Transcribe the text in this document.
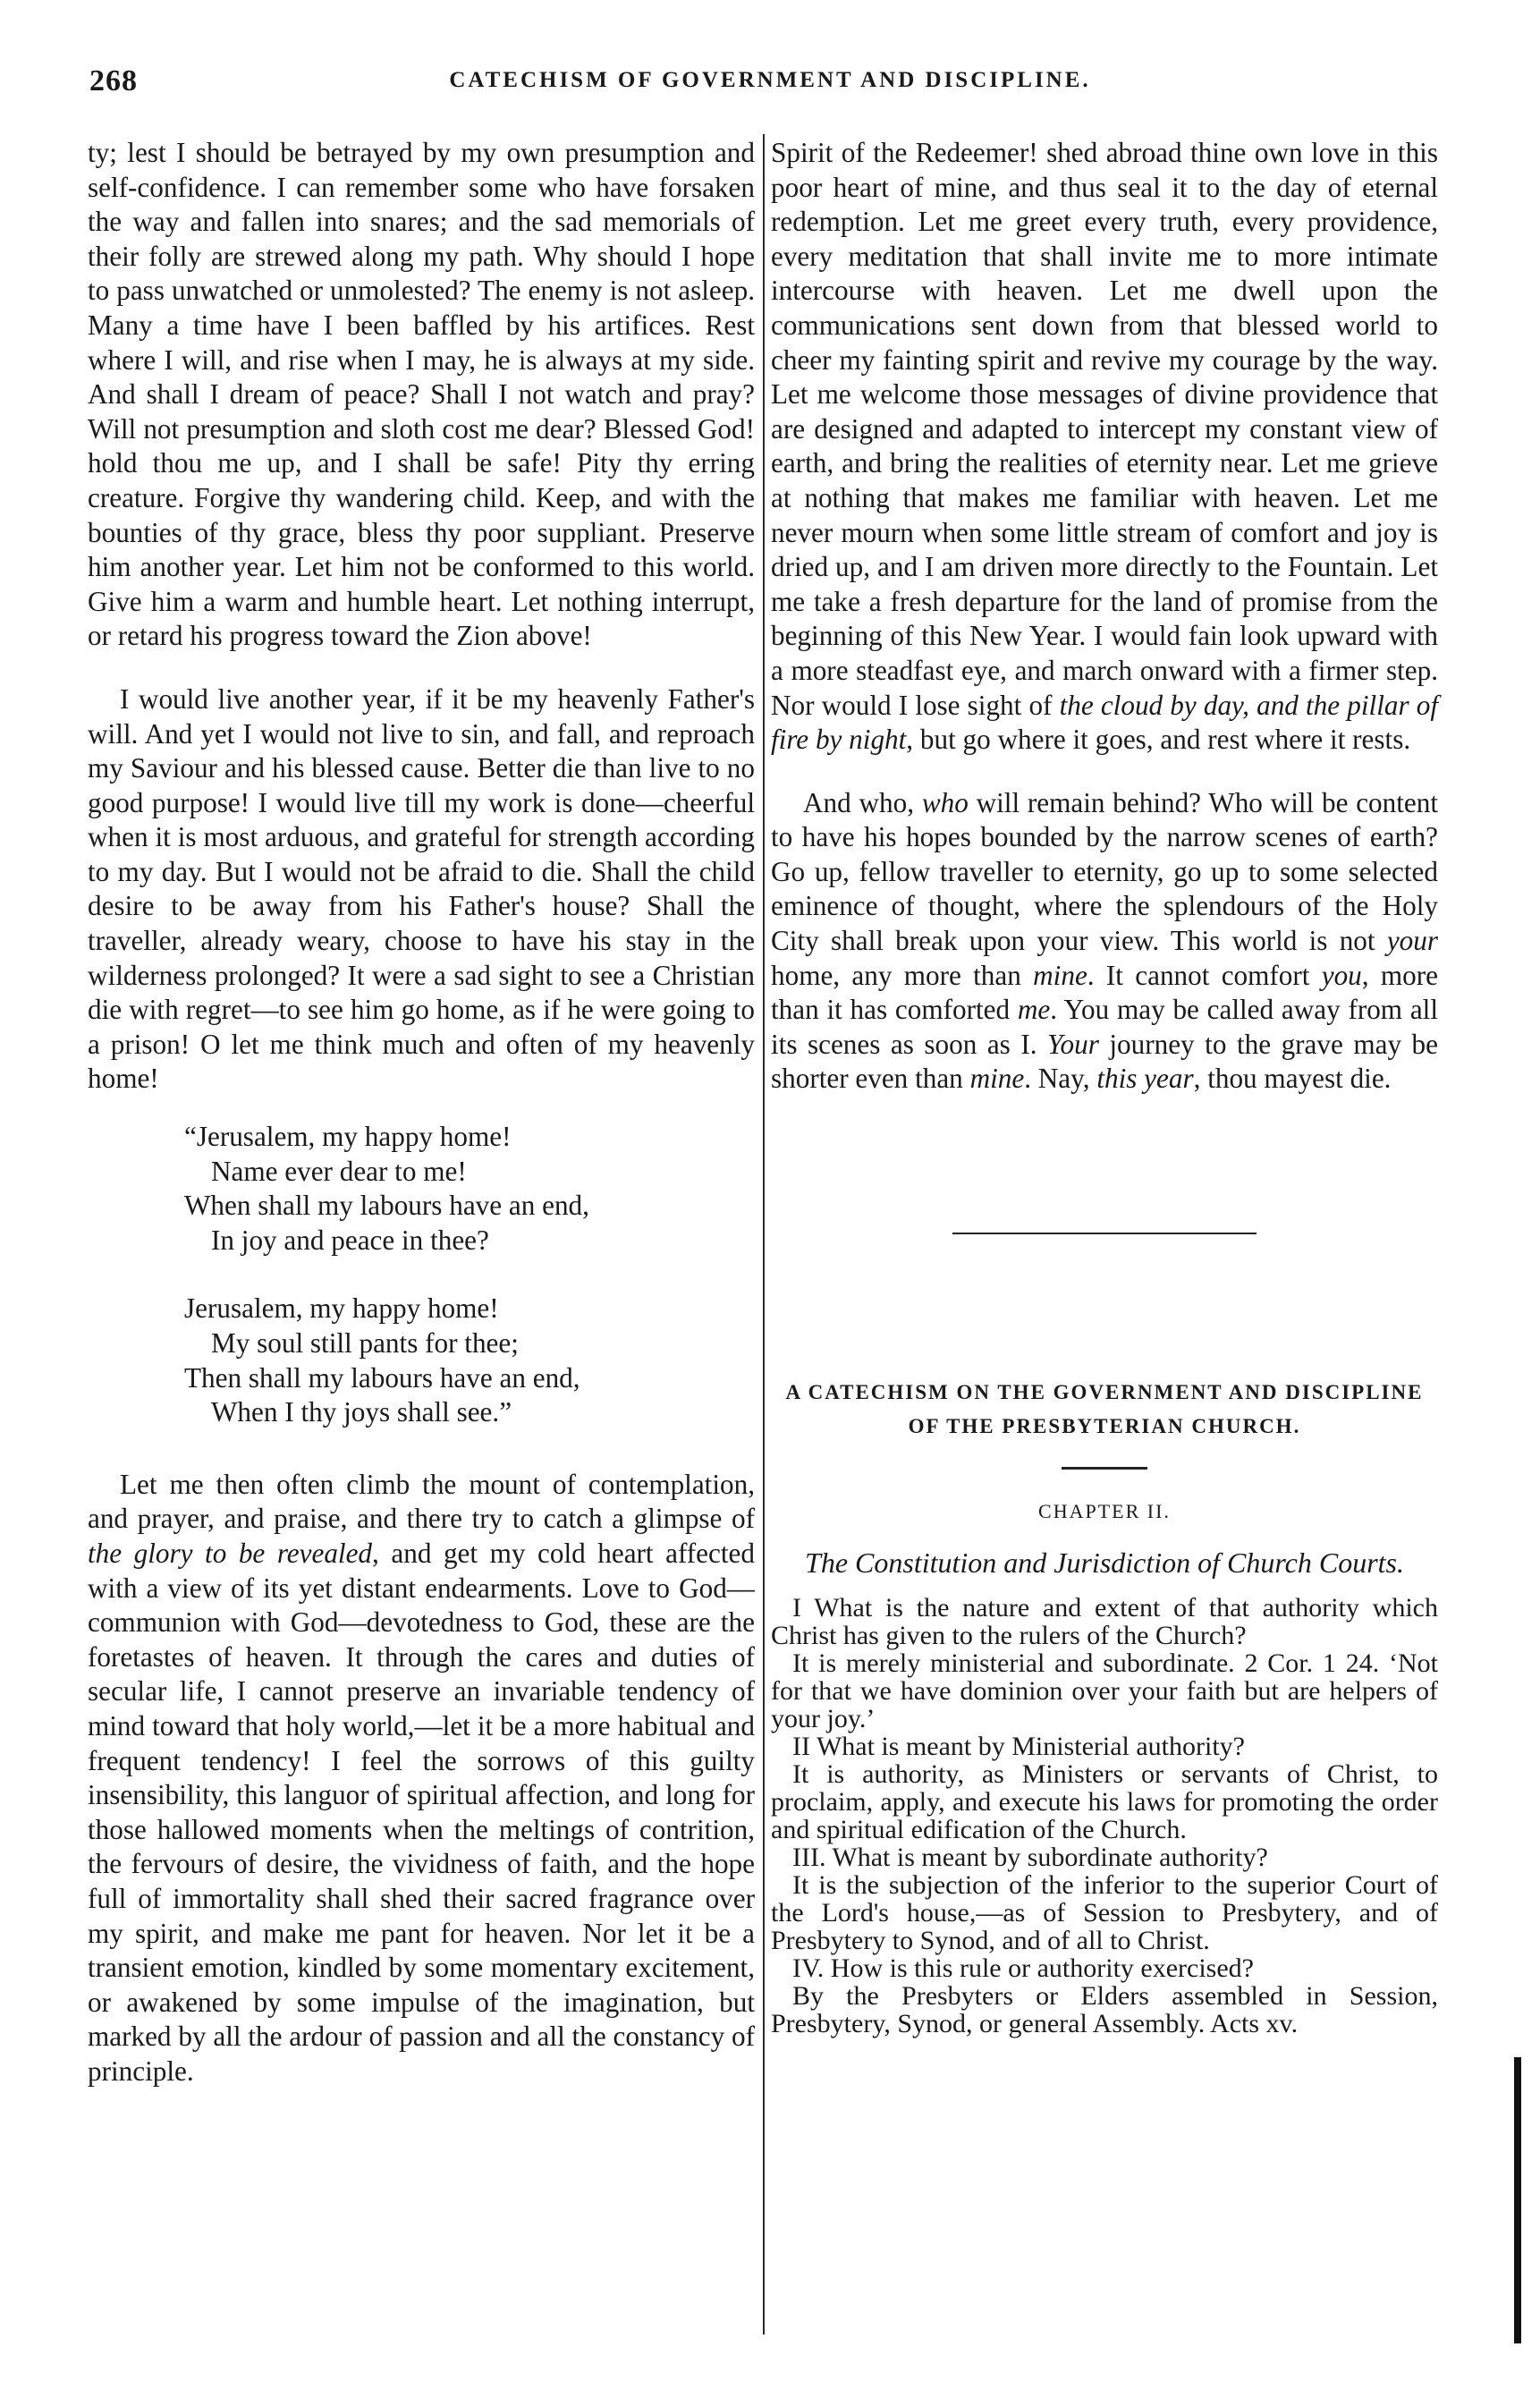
268	CATECHISM OF GOVERNMENT AND DISCIPLINE.

ty; lest I should be betrayed by my own presumption and self-confidence. I can remember some who have forsaken the way and fallen into snares; and the sad memorials of their folly are strewed along my path. Why should I hope to pass unwatched or unmolested? The enemy is not asleep. Many a time have I been baffled by his artifices. Rest where I will, and rise when I may, he is always at my side. And shall I dream of peace? Shall I not watch and pray? Will not presumption and sloth cost me dear? Blessed God! hold thou me up, and I shall be safe! Pity thy erring creature. Forgive thy wandering child. Keep, and with the bounties of thy grace, bless thy poor suppliant. Preserve him another year. Let him not be conformed to this world. Give him a warm and humble heart. Let nothing interrupt, or retard his progress toward the Zion above!

I would live another year, if it be my heavenly Father's will. And yet I would not live to sin, and fall, and reproach my Saviour and his blessed cause. Better die than live to no good purpose! I would live till my work is done—cheerful when it is most arduous, and grateful for strength according to my day. But I would not be afraid to die. Shall the child desire to be away from his Father's house? Shall the traveller, already weary, choose to have his stay in the wilderness prolonged? It were a sad sight to see a Christian die with regret—to see him go home, as if he were going to a prison! O let me think much and often of my heavenly home!

“Jerusalem, my happy home!
Name ever dear to me!
When shall my labours have an end,
In joy and peace in thee?
Jerusalem, my happy home!
My soul still pants for thee;
Then shall my labours have an end,
When I thy joys shall see.”

Let me then often climb the mount of contemplation, and prayer, and praise, and there try to catch a glimpse of the glory to be revealed, and get my cold heart affected with a view of its yet distant endearments. Love to God—communion with God—devotedness to God, these are the foretastes of heaven. It through the cares and duties of secular life, I cannot preserve an invariable tendency of mind toward that holy world,—let it be a more habitual and frequent tendency! I feel the sorrows of this guilty insensibility, this languor of spiritual affection, and long for those hallowed moments when the meltings of contrition, the fervours of desire, the vividness of faith, and the hope full of immortality shall shed their sacred fragrance over my spirit, and make me pant for heaven. Nor let it be a transient emotion, kindled by some momentary excitement, or awakened by some impulse of the imagination, but marked by all the ardour of passion and all the constancy of principle.

Spirit of the Redeemer! shed abroad thine own love in this poor heart of mine, and thus seal it to the day of eternal redemption. Let me greet every truth, every providence, every meditation that shall invite me to more intimate intercourse with heaven. Let me dwell upon the communications sent down from that blessed world to cheer my fainting spirit and revive my courage by the way. Let me welcome those messages of divine providence that are designed and adapted to intercept my constant view of earth, and bring the realities of eternity near. Let me grieve at nothing that makes me familiar with heaven. Let me never mourn when some little stream of comfort and joy is dried up, and I am driven more directly to the Fountain. Let me take a fresh departure for the land of promise from the beginning of this New Year. I would fain look upward with a more steadfast eye, and march onward with a firmer step. Nor would I lose sight of the cloud by day, and the pillar of fire by night, but go where it goes, and rest where it rests.

And who, who will remain behind? Who will be content to have his hopes bounded by the narrow scenes of earth? Go up, fellow traveller to eternity, go up to some selected eminence of thought, where the splendours of the Holy City shall break upon your view. This world is not your home, any more than mine. It cannot comfort you, more than it has comforted me. You may be called away from all its scenes as soon as I. Your journey to the grave may be shorter even than mine. Nay, this year, thou mayest die.

A CATECHISM ON THE GOVERNMENT AND DISCIPLINE
OF THE PRESBYTERIAN CHURCH.
CHAPTER II.
The Constitution and Jurisdiction of Church Courts.

I What is the nature and extent of that authority which Christ has given to the rulers of the Church?

It is merely ministerial and subordinate. 2 Cor. 1 24. ‘Not for that we have dominion over your faith but are helpers of your joy.’

II What is meant by Ministerial authority?

It is authority, as Ministers or servants of Christ, to proclaim, apply, and execute his laws for promoting the order and spiritual edification of the Church.

III. What is meant by subordinate authority?

It is the subjection of the inferior to the superior Court of the Lord's house,—as of Session to Presbytery, and of Presbytery to Synod, and of all to Christ.

IV. How is this rule or authority exercised?

By the Presbyters or Elders assembled in Session, Presbytery, Synod, or general Assembly. Acts xv.
